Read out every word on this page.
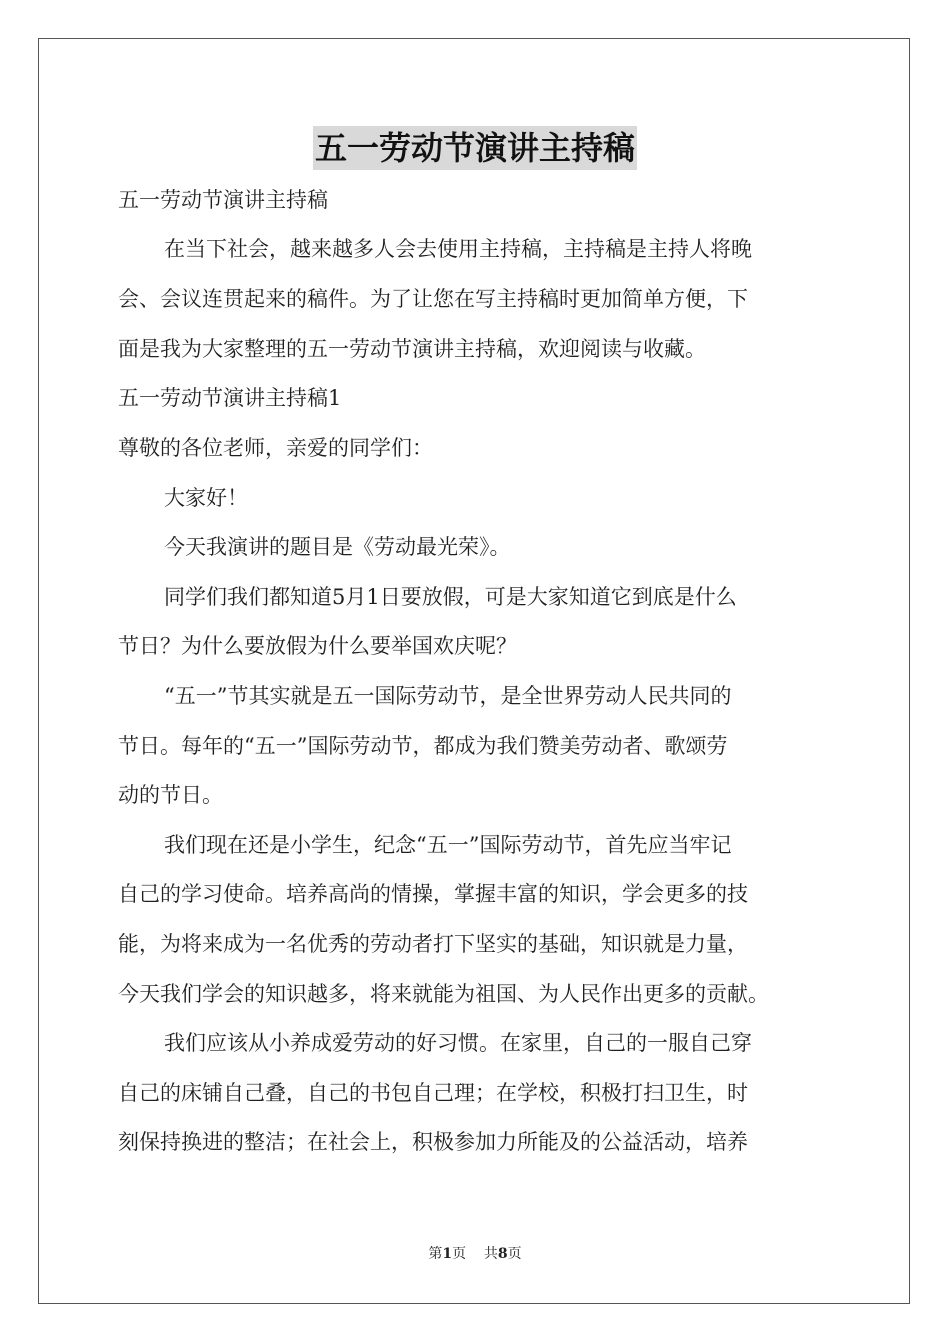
五一劳动节演讲主持稿
五一劳动节演讲主持稿
在当下社会，越来越多人会去使用主持稿，主持稿是主持人将晚
会、会议连贯起来的稿件。为了让您在写主持稿时更加简单方便，下
面是我为大家整理的五一劳动节演讲主持稿，欢迎阅读与收藏。
五一劳动节演讲主持稿1
尊敬的各位老师，亲爱的同学们：
大家好！
今天我演讲的题目是《劳动最光荣》。
同学们我们都知道5月1日要放假，可是大家知道它到底是什么
节日？为什么要放假为什么要举国欢庆呢？
“五一”节其实就是五一国际劳动节，是全世界劳动人民共同的
节日。每年的“五一”国际劳动节，都成为我们赞美劳动者、歌颂劳
动的节日。
我们现在还是小学生，纪念“五一”国际劳动节，首先应当牢记
自己的学习使命。培养高尚的情操，掌握丰富的知识，学会更多的技
能，为将来成为一名优秀的劳动者打下坚实的基础，知识就是力量，
今天我们学会的知识越多，将来就能为祖国、为人民作出更多的贡献。
我们应该从小养成爱劳动的好习惯。在家里，自己的一服自己穿
自己的床铺自己叠，自己的书包自己理；在学校，积极打扫卫生，时
刻保持换进的整洁；在社会上，积极参加力所能及的公益活动，培养
第1页 共8页
